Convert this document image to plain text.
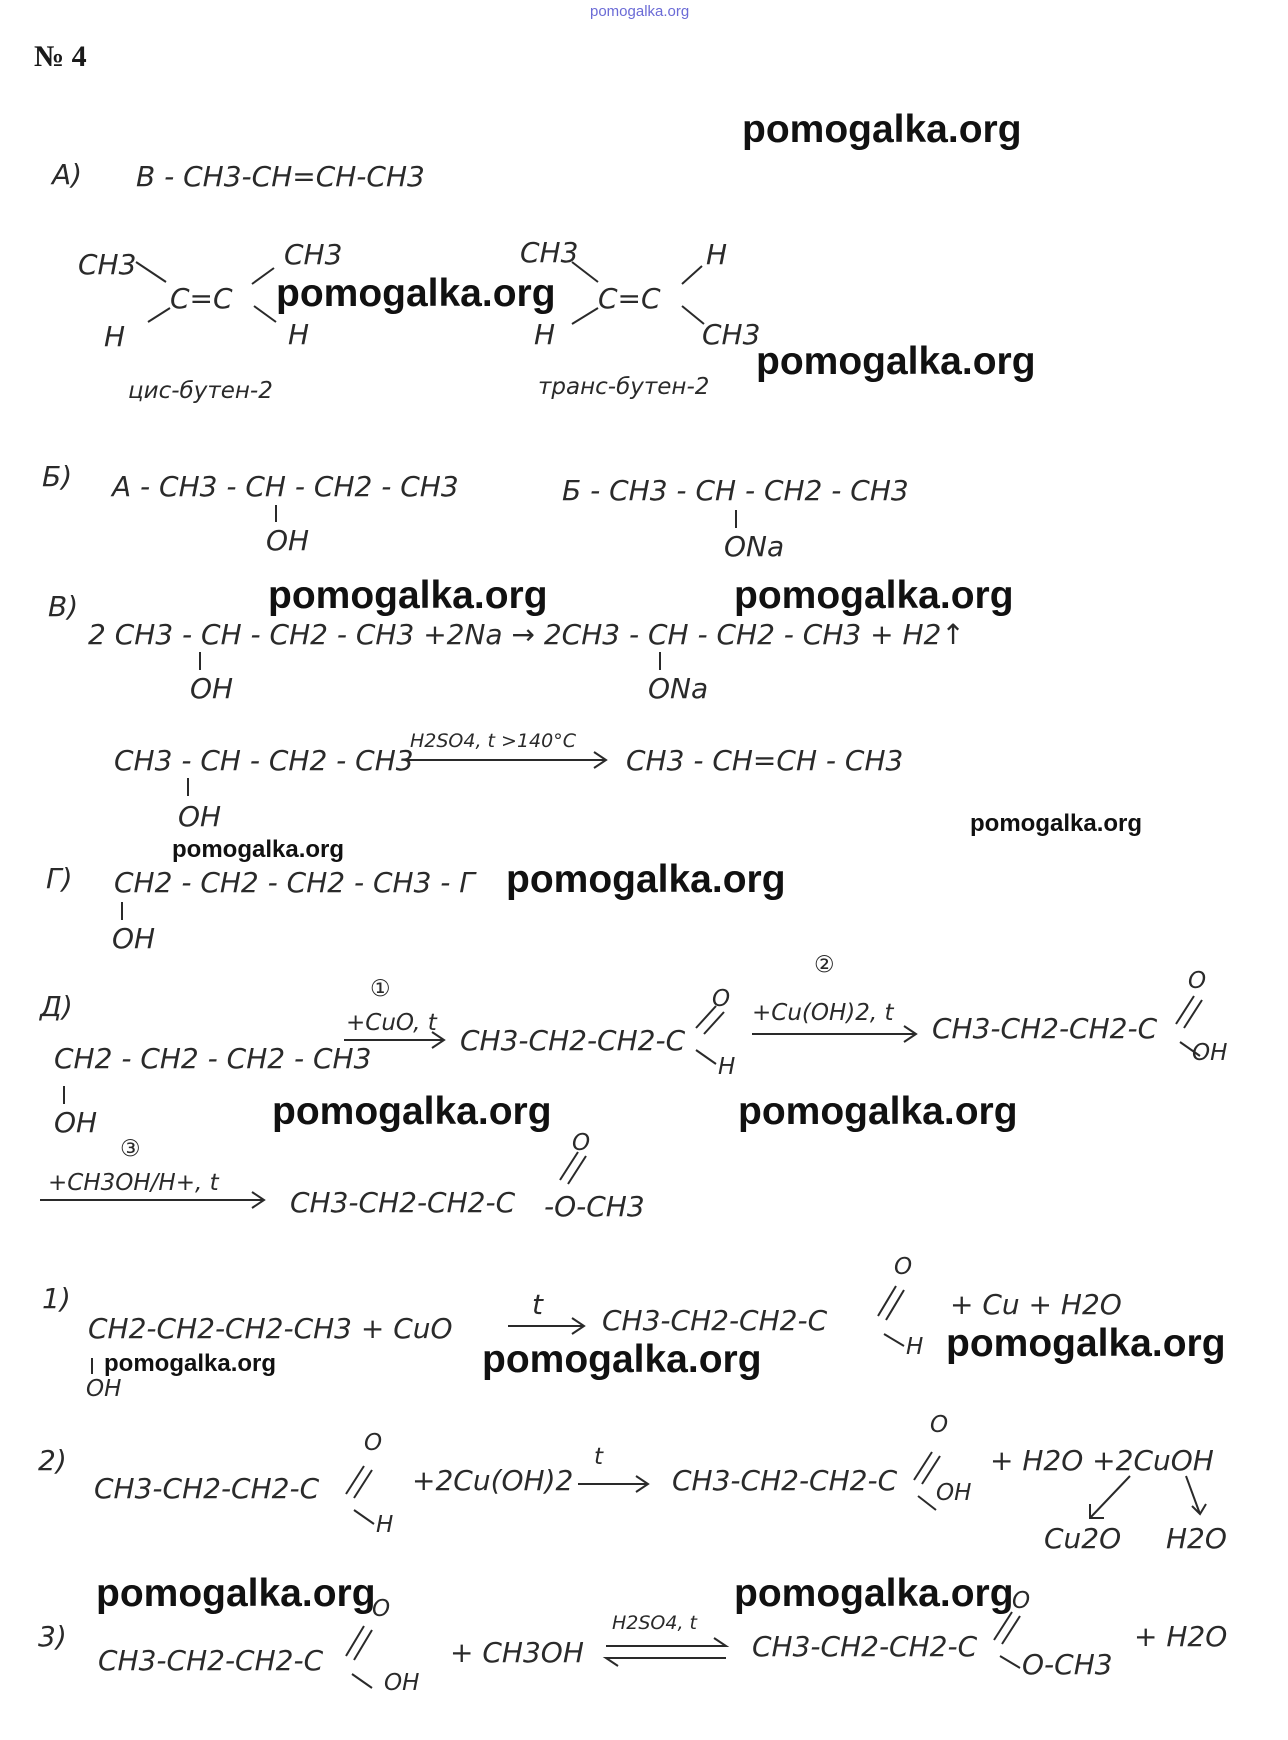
pomogalka.org
№ 4
А) B - CH3-CH=CH-CH3
CH3
H
C=C
CH3
H
цис-бутен-2
CH3
H
C=C
H
CH3
транс-бутен-2
Б) А - CH3 - CH - CH2 - CH3
OH
Б - CH3 - CH - CH2 - CH3
ONa
В)
2 CH3 - CH - CH2 - CH3 +2Na → 2CH3 - CH - CH2 - CH3 + H2↑
OH	ONa
CH3 - CH - CH2 - CH3
H2SO4, t >140°C
CH3 - CH=CH - CH3
OH
Г) CH2 - CH2 - CH2 - CH3 - Г
OH
Д)
CH2 - CH2 - CH2 - CH3
OH
①
+CuO, t
CH3-CH2-CH2-C
O
H
②
+Cu(OH)2, t CH3-CH2-CH2-C
O
OH
③
+CH3OH/H+, t
CH3-CH2-CH2-C
O
-O-CH3
1)
CH2-CH2-CH2-CH3 + CuO
OH
t CH3-CH2-CH2-C
O
H
+ Cu + H2O
2)
CH3-CH2-CH2-C
O
H
+2Cu(OH)2
t
CH3-CH2-CH2-C
O
OH
+ H2O +2CuOH
Cu2O H2O
3)
CH3-CH2-CH2-C
O
OH
+ CH3OH
H2SO4, t
CH3-CH2-CH2-C
O
O-CH3
+ H2O
pomogalka.org
pomogalka.org
pomogalka.org
pomogalka.org	pomogalka.org
pomogalka.org
pomogalka.org
pomogalka.org
pomogalka.org	pomogalka.org
pomogalka.org
pomogalka.org	pomogalka.org
pomogalka.org	pomogalka.org
